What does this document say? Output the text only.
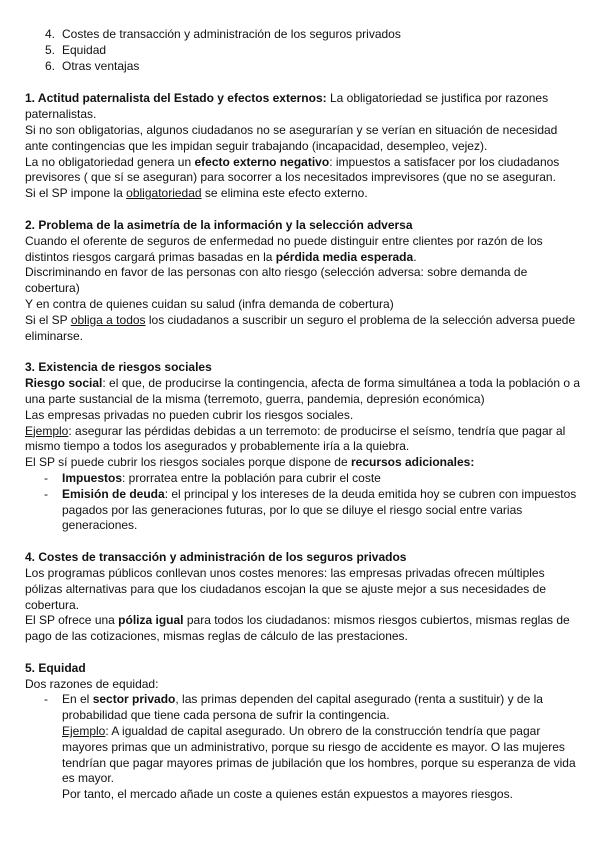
4. Costes de transacción y administración de los seguros privados
5. Equidad
6. Otras ventajas

1. Actitud paternalista del Estado y efectos externos: La obligatoriedad se justifica por razones paternalistas.

Si no son obligatorias, algunos ciudadanos no se asegurarían y se verían en situación de necesidad ante contingencias que les impidan seguir trabajando (incapacidad, desempleo, vejez).

La no obligatoriedad genera un efecto externo negativo: impuestos a satisfacer por los ciudadanos previsores ( que sí se aseguran) para socorrer a los necesitados imprevisores (que no se aseguran.

Si el SP impone la obligatoriedad se elimina este efecto externo.

2. Problema de la asimetría de la información y la selección adversa

Cuando el oferente de seguros de enfermedad no puede distinguir entre clientes por razón de los distintos riesgos cargará primas basadas en la pérdida media esperada.

Discriminando en favor de las personas con alto riesgo (selección adversa: sobre demanda de cobertura)

Y en contra de quienes cuidan su salud (infra demanda de cobertura)

Si el SP obliga a todos los ciudadanos a suscribir un seguro el problema de la selección adversa puede eliminarse.

3. Existencia de riesgos sociales

Riesgo social: el que, de producirse la contingencia, afecta de forma simultánea a toda la población o a una parte sustancial de la misma (terremoto, guerra, pandemia, depresión económica)

Las empresas privadas no pueden cubrir los riesgos sociales.

Ejemplo: asegurar las pérdidas debidas a un terremoto: de producirse el seísmo, tendría que pagar al mismo tiempo a todos los asegurados y probablemente iría a la quiebra.

El SP sí puede cubrir los riesgos sociales porque dispone de recursos adicionales:

-	Impuestos: prorratea entre la población para cubrir el coste
-	Emisión de deuda: el principal y los intereses de la deuda emitida hoy se cubren con impuestos pagados por las generaciones futuras, por lo que se diluye el riesgo social entre varias generaciones.

4. Costes de transacción y administración de los seguros privados

Los programas públicos conllevan unos costes menores: las empresas privadas ofrecen múltiples pólizas alternativas para que los ciudadanos escojan la que se ajuste mejor a sus necesidades de cobertura.

El SP ofrece una póliza igual para todos los ciudadanos: mismos riesgos cubiertos, mismas reglas de pago de las cotizaciones, mismas reglas de cálculo de las prestaciones.

5. Equidad

Dos razones de equidad:

-	En el sector privado, las primas dependen del capital asegurado (renta a sustituir) y de la probabilidad que tiene cada persona de sufrir la contingencia.

Ejemplo: A igualdad de capital asegurado. Un obrero de la construcción tendría que pagar mayores primas que un administrativo, porque su riesgo de accidente es mayor. O las mujeres tendrían que pagar mayores primas de jubilación que los hombres, porque su esperanza de vida es mayor.

Por tanto, el mercado añade un coste a quienes están expuestos a mayores riesgos.
